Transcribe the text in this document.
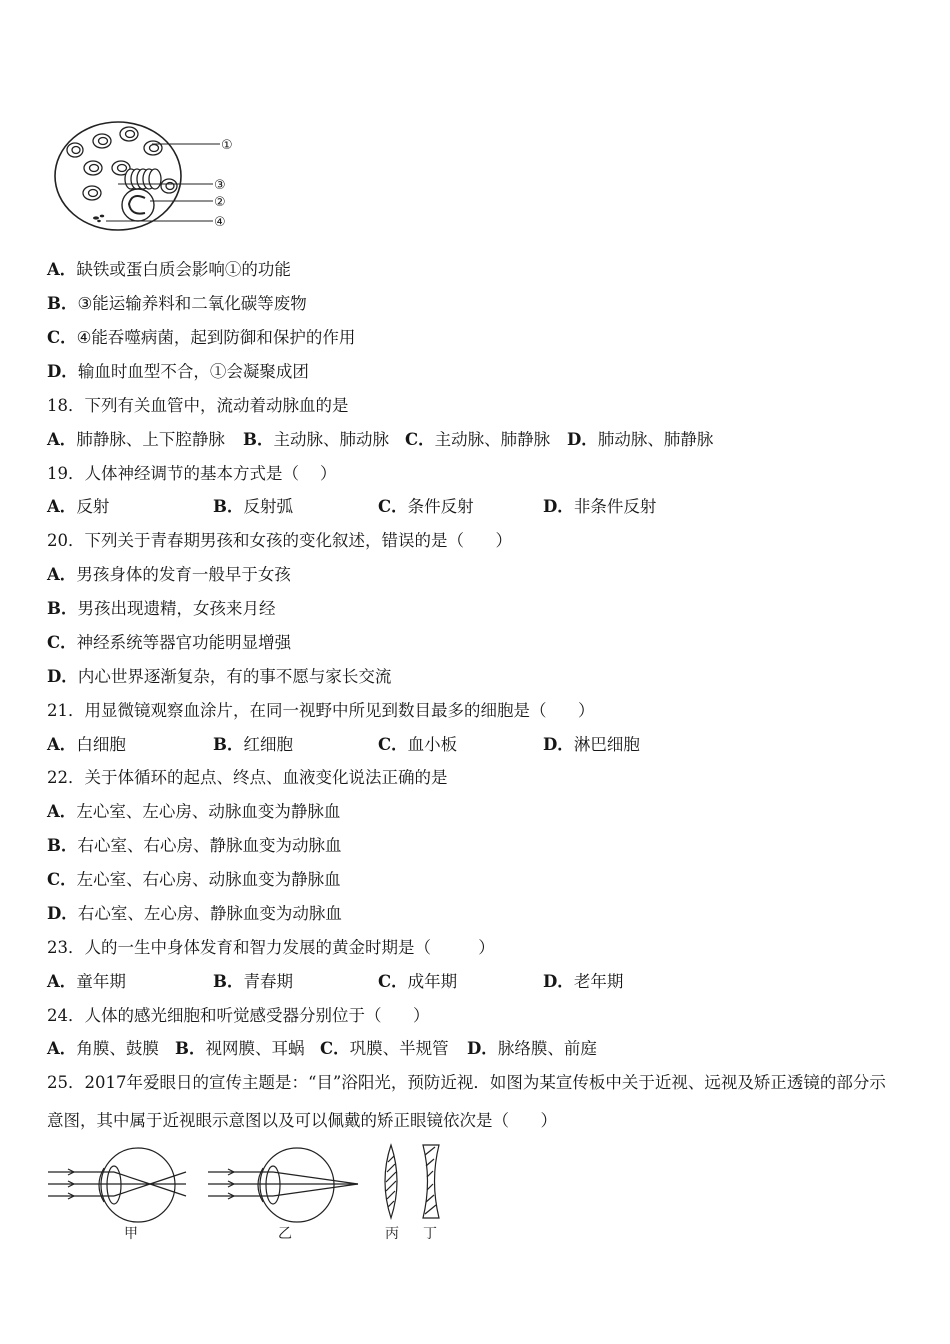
①
③
②
④
A．缺铁或蛋白质会影响①的功能
B．③能运输养料和二氧化碳等废物
C．④能吞噬病菌，起到防御和保护的作用
D．输血时血型不合，①会凝聚成团
18．下列有关血管中，流动着动脉血的是
A．肺静脉、上下腔静脉 B．主动脉、肺动脉 C．主动脉、肺静脉 D．肺动脉、肺静脉
19．人体神经调节的基本方式是（    ）
A．反射	B．反射弧	C．条件反射	D．非条件反射
20．下列关于青春期男孩和女孩的变化叙述，错误的是（      ）
A．男孩身体的发育一般早于女孩
B．男孩出现遗精，女孩来月经
C．神经系统等器官功能明显增强
D．内心世界逐渐复杂，有的事不愿与家长交流
21．用显微镜观察血涂片，在同一视野中所见到数目最多的细胞是（      ）
A．白细胞	B．红细胞	C．血小板	D．淋巴细胞
22．关于体循环的起点、终点、血液变化说法正确的是
A．左心室、左心房、动脉血变为静脉血
B．右心室、右心房、静脉血变为动脉血
C．左心室、右心房、动脉血变为静脉血
D．右心室、左心房、静脉血变为动脉血
23．人的一生中身体发育和智力发展的黄金时期是（         ）
A．童年期	B．青春期	C．成年期	D．老年期
24．人体的感光细胞和听觉感受器分别位于（      ）
A．角膜、鼓膜 B．视网膜、耳蜗 C．巩膜、半规管 D．脉络膜、前庭
25．2017年爱眼日的宣传主题是：“目”浴阳光，预防近视．如图为某宣传板中关于近视、远视及矫正透镜的部分示
意图，其中属于近视眼示意图以及可以佩戴的矫正眼镜依次是（      ）
甲	乙	丙 丁
